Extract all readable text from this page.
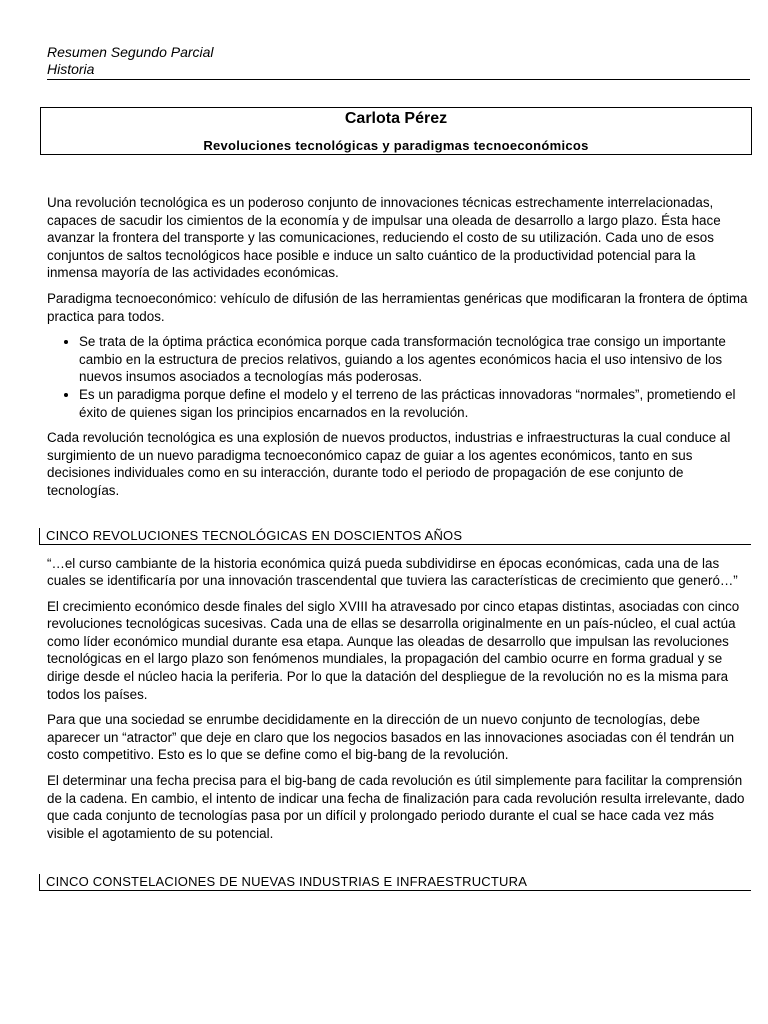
Resumen Segundo Parcial
Historia
Carlota Pérez
Revoluciones tecnológicas y paradigmas tecnoeconómicos

Una revolución tecnológica es un poderoso conjunto de innovaciones técnicas estrechamente interrelacionadas, capaces de sacudir los cimientos de la economía y de impulsar una oleada de desarrollo a largo plazo. Ésta hace avanzar la frontera del transporte y las comunicaciones, reduciendo el costo de su utilización. Cada uno de esos conjuntos de saltos tecnológicos hace posible e induce un salto cuántico de la productividad potencial para la inmensa mayoría de las actividades económicas.

Paradigma tecnoeconómico: vehículo de difusión de las herramientas genéricas que modificaran la frontera de óptima practica para todos.

• Se trata de la óptima práctica económica porque cada transformación tecnológica trae consigo un importante cambio en la estructura de precios relativos, guiando a los agentes económicos hacia el uso intensivo de los nuevos insumos asociados a tecnologías más poderosas.
• Es un paradigma porque define el modelo y el terreno de las prácticas innovadoras “normales”, prometiendo el éxito de quienes sigan los principios encarnados en la revolución.

Cada revolución tecnológica es una explosión de nuevos productos, industrias e infraestructuras la cual conduce al surgimiento de un nuevo paradigma tecnoeconómico capaz de guiar a los agentes económicos, tanto en sus decisiones individuales como en su interacción, durante todo el periodo de propagación de ese conjunto de tecnologías.

CINCO REVOLUCIONES TECNOLÓGICAS EN DOSCIENTOS AÑOS

“…el curso cambiante de la historia económica quizá pueda subdividirse en épocas económicas, cada una de las cuales se identificaría por una innovación trascendental que tuviera las características de crecimiento que generó…”

El crecimiento económico desde finales del siglo XVIII ha atravesado por cinco etapas distintas, asociadas con cinco revoluciones tecnológicas sucesivas. Cada una de ellas se desarrolla originalmente en un país-núcleo, el cual actúa como líder económico mundial durante esa etapa. Aunque las oleadas de desarrollo que impulsan las revoluciones tecnológicas en el largo plazo son fenómenos mundiales, la propagación del cambio ocurre en forma gradual y se dirige desde el núcleo hacia la periferia. Por lo que la datación del despliegue de la revolución no es la misma para todos los países.

Para que una sociedad se enrumbe decididamente en la dirección de un nuevo conjunto de tecnologías, debe aparecer un “atractor” que deje en claro que los negocios basados en las innovaciones asociadas con él tendrán un costo competitivo. Esto es lo que se define como el big-bang de la revolución.

El determinar una fecha precisa para el big-bang de cada revolución es útil simplemente para facilitar la comprensión de la cadena. En cambio, el intento de indicar una fecha de finalización para cada revolución resulta irrelevante, dado que cada conjunto de tecnologías pasa por un difícil y prolongado periodo durante el cual se hace cada vez más visible el agotamiento de su potencial.

CINCO CONSTELACIONES DE NUEVAS INDUSTRIAS E INFRAESTRUCTURA
